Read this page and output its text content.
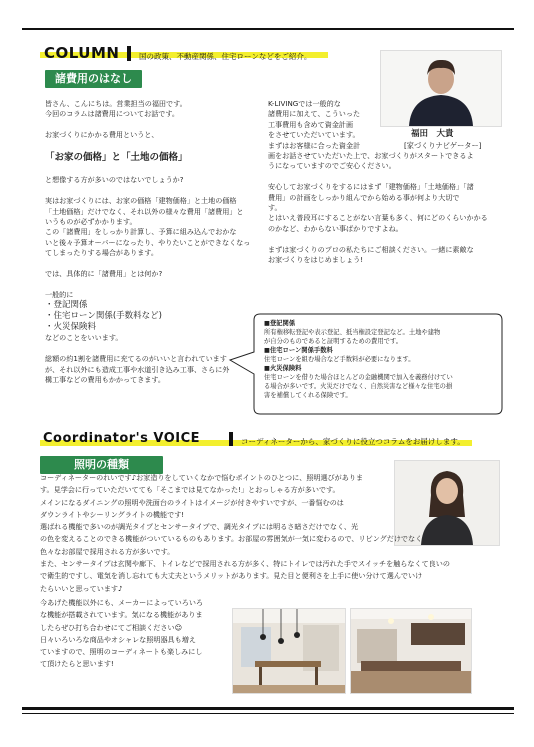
COLUMN	国の政策、不動産関係、住宅ローンなどをご紹介。
諸費用のはなし
福田　大貴
[家づくりナビゲーター]

皆さん、こんにちは。営業担当の福田です。

今回のコラムは諸費用についてお話です。

お家づくりにかかる費用というと、

「お家の価格」と「土地の価格」

と想像する方が多いのではないでしょうか?

実はお家づくりには、お家の価格「建物価格」と土地の価格

「土地価格」だけでなく、それ以外の様々な費用「諸費用」と

いうものが必ずかかります。

この「諸費用」をしっかり計算し、予算に組み込んでおかな

いと後々予算オーバーになったり、やりたいことができなくなっ

てしまったりする場合があります。

では、具体的に「諸費用」とは何か?

一般的に

・登記関係

・住宅ローン関係(手数料など)

・火災保険料

などのことをいいます。

総額の約1割を諸費用に充てるのがいいと言われています

が、それ以外にも造成工事や水道引き込み工事、さらに外

構工事などの費用もかかってきます。

K-LIVINGでは一般的な

諸費用に加えて、こういった

工事費用も含めて資金計画

をさせていただいています。

まずはお客様に合った資金計

画をお話させていただいた上で、お家づくりがスタートできるよ

うになっていますのでご安心ください。

安心してお家づくりをするにはまず「建物価格」「土地価格」「諸

費用」の計画をしっかり組んでから始める事が何より大切で

す。

とはいえ普段耳にすることがない言葉も多く、何にどのくらいかかる

のかなど、わからない事ばかりですよね。

まずは家づくりのプロの私たちにご相談ください。一緒に素敵な

お家づくりをはじめましょう!

■登記関係

所有権移転登記や表示登記、抵当権設定登記など。土地や建物

が自分のものであると証明するための費用です。

■住宅ローン関係手数料

住宅ローンを組む場合など手数料が必要になります。

■火災保険料

住宅ローンを借りた場合ほとんどの金融機関で加入を義務付けてい

る場合が多いです。火災だけでなく、自然災害など様々な住宅の損

害を補償してくれる保険です。

Coordinator's VOICE	コーディネーターから、家づくりに役立つコラムをお届けします。
照明の種類

コーディネーターのれいです♪お家造りをしていくなかで悩むポイントのひとつに、照明選びがありま

す。見学会に行っていただいてても「そこまでは見てなかった!」とおっしゃる方が多いです。

メインになるダイニングの照明や洗面台のライトはイメージが付きやすいですが、一番悩むのは

ダウンライトやシーリングライトの機能です!

選ばれる機能で多いのが調光タイプとセンサータイプで、調光タイプには明るさ暗さだけでなく、光

の色を変えることのできる機能がついているものもあります。お部屋の雰囲気が一気に変わるので、リビングだけでなく

色々なお部屋で採用される方が多いです。

また、センサータイプは玄関や廊下、トイレなどで採用される方が多く、特にトイレでは汚れた手でスイッチを触らなくて良いの

で衛生的ですし、電気を消し忘れても大丈夫というメリットがあります。見た目と便利さを上手に使い分けて選んでいけ

たらいいと思っています♪

今あげた機能以外にも、メーカーによっていろいろ

な機能が搭載されています。気になる機能がありま

したらぜひ打ち合わせにてご相談ください☺

日々いろいろな商品やオシャレな照明器具も増え

ていますので、照明のコーディネートも楽しみにし

て頂けたらと思います!
